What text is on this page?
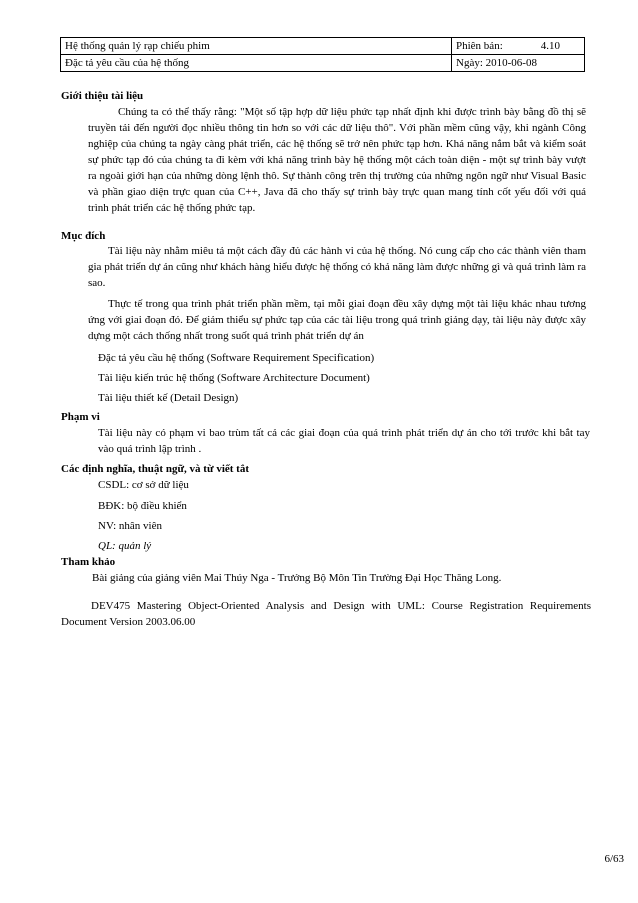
Hệ thống quản lý rạp chiếu phim	Phiên bản: 4.10
Đặc tả yêu cầu của hệ thống	Ngày: 2010-06-08
Giới thiệu tài liệu
Chúng ta có thể thấy rằng: "Một số tập hợp dữ liệu phức tạp nhất định khi được trình bày bằng đồ thị sẽ truyền tải đến người đọc nhiều thông tin hơn so với các dữ liệu thô". Với phần mềm cũng vậy, khi ngành Công nghiệp của chúng ta ngày càng phát triển, các hệ thống sẽ trở nên phức tạp hơn. Khả năng nắm bắt và kiểm soát sự phức tạp đó của chúng ta đi kèm với khả năng trình bày hệ thống một cách toàn diện - một sự trình bày vượt ra ngoài giới hạn của những dòng lệnh thô. Sự thành công trên thị trường của những ngôn ngữ như Visual Basic và phần giao diện trực quan của C++, Java đã cho thấy sự trình bày trực quan mang tính cốt yếu đối với quá trình phát triển các hệ thống phức tạp.
Mục đích
Tài liệu này nhằm miêu tả một cách đầy đủ các hành vi của hệ thống. Nó cung cấp cho các thành viên tham gia phát triển dự án cũng như khách hàng hiểu được hệ thống có khả năng làm được những gì và quá trình làm ra sao.
Thực tế trong qua trình phát triển phần mềm, tại mỗi giai đoạn đều xây dựng một tài liệu khác nhau tương ứng với giai đoạn đó. Để giảm thiểu sự phức tạp của các tài liệu trong quá trình giảng dạy, tài liệu này được xây dựng một cách thống nhất trong suốt quá trình phát triển dự án
Đặc tả yêu cầu hệ thống (Software Requirement Specification)
Tài liệu kiến trúc hệ thống (Software Architecture Document)
Tài liệu thiết kế (Detail Design)
Phạm vi
Tài liệu này có phạm vi bao trùm tất cả các giai đoạn của quá trình phát triển dự án cho tới trước khi bắt tay vào quá trình lập trình .
Các định nghĩa, thuật ngữ, và từ viết tắt
CSDL: cơ sở dữ liệu
BĐK: bộ điều khiển
NV: nhân viên
QL: quản lý
Tham khảo
Bài giảng của giảng viên Mai Thúy Nga - Trưởng Bộ Môn Tin Trường Đại Học Thăng Long.
DEV475 Mastering Object-Oriented Analysis and Design with UML: Course Registration Requirements Document Version 2003.06.00
6/63
